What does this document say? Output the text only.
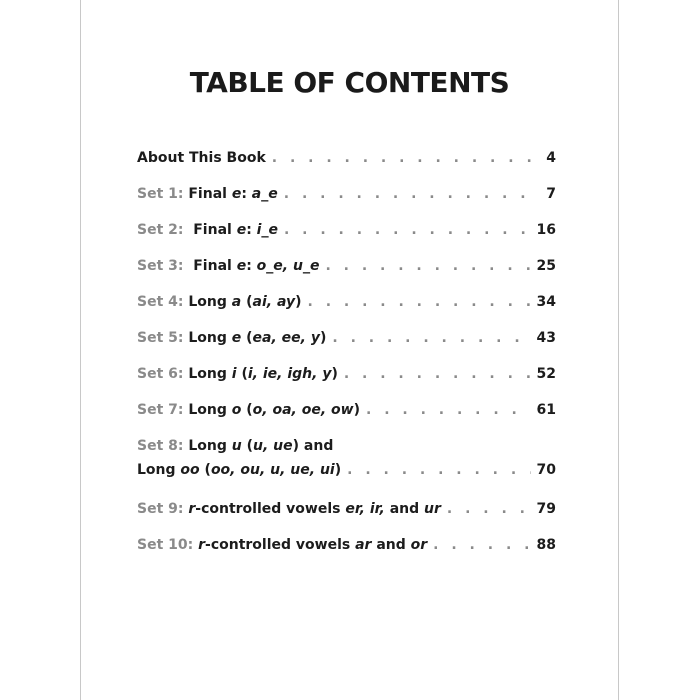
TABLE OF CONTENTS
About This Book . . .	4
Set 1: Final e: a_e . . .	7
Set 2: Final e: i_e . . .	16
Set 3: Final e: o_e, u_e . . .	25
Set 4: Long a (ai, ay) . . .	34
Set 5: Long e (ea, ee, y) . . .	43
Set 6: Long i (i, ie, igh, y) . . .	52
Set 7: Long o (o, oa, oe, ow) . . .	61
Set 8: Long u (u, ue) and
Long oo (oo, ou, u, ue, ui) . . .	70
Set 9: r-controlled vowels er, ir, and ur . . .	79
Set 10: r-controlled vowels ar and or . . .	88
